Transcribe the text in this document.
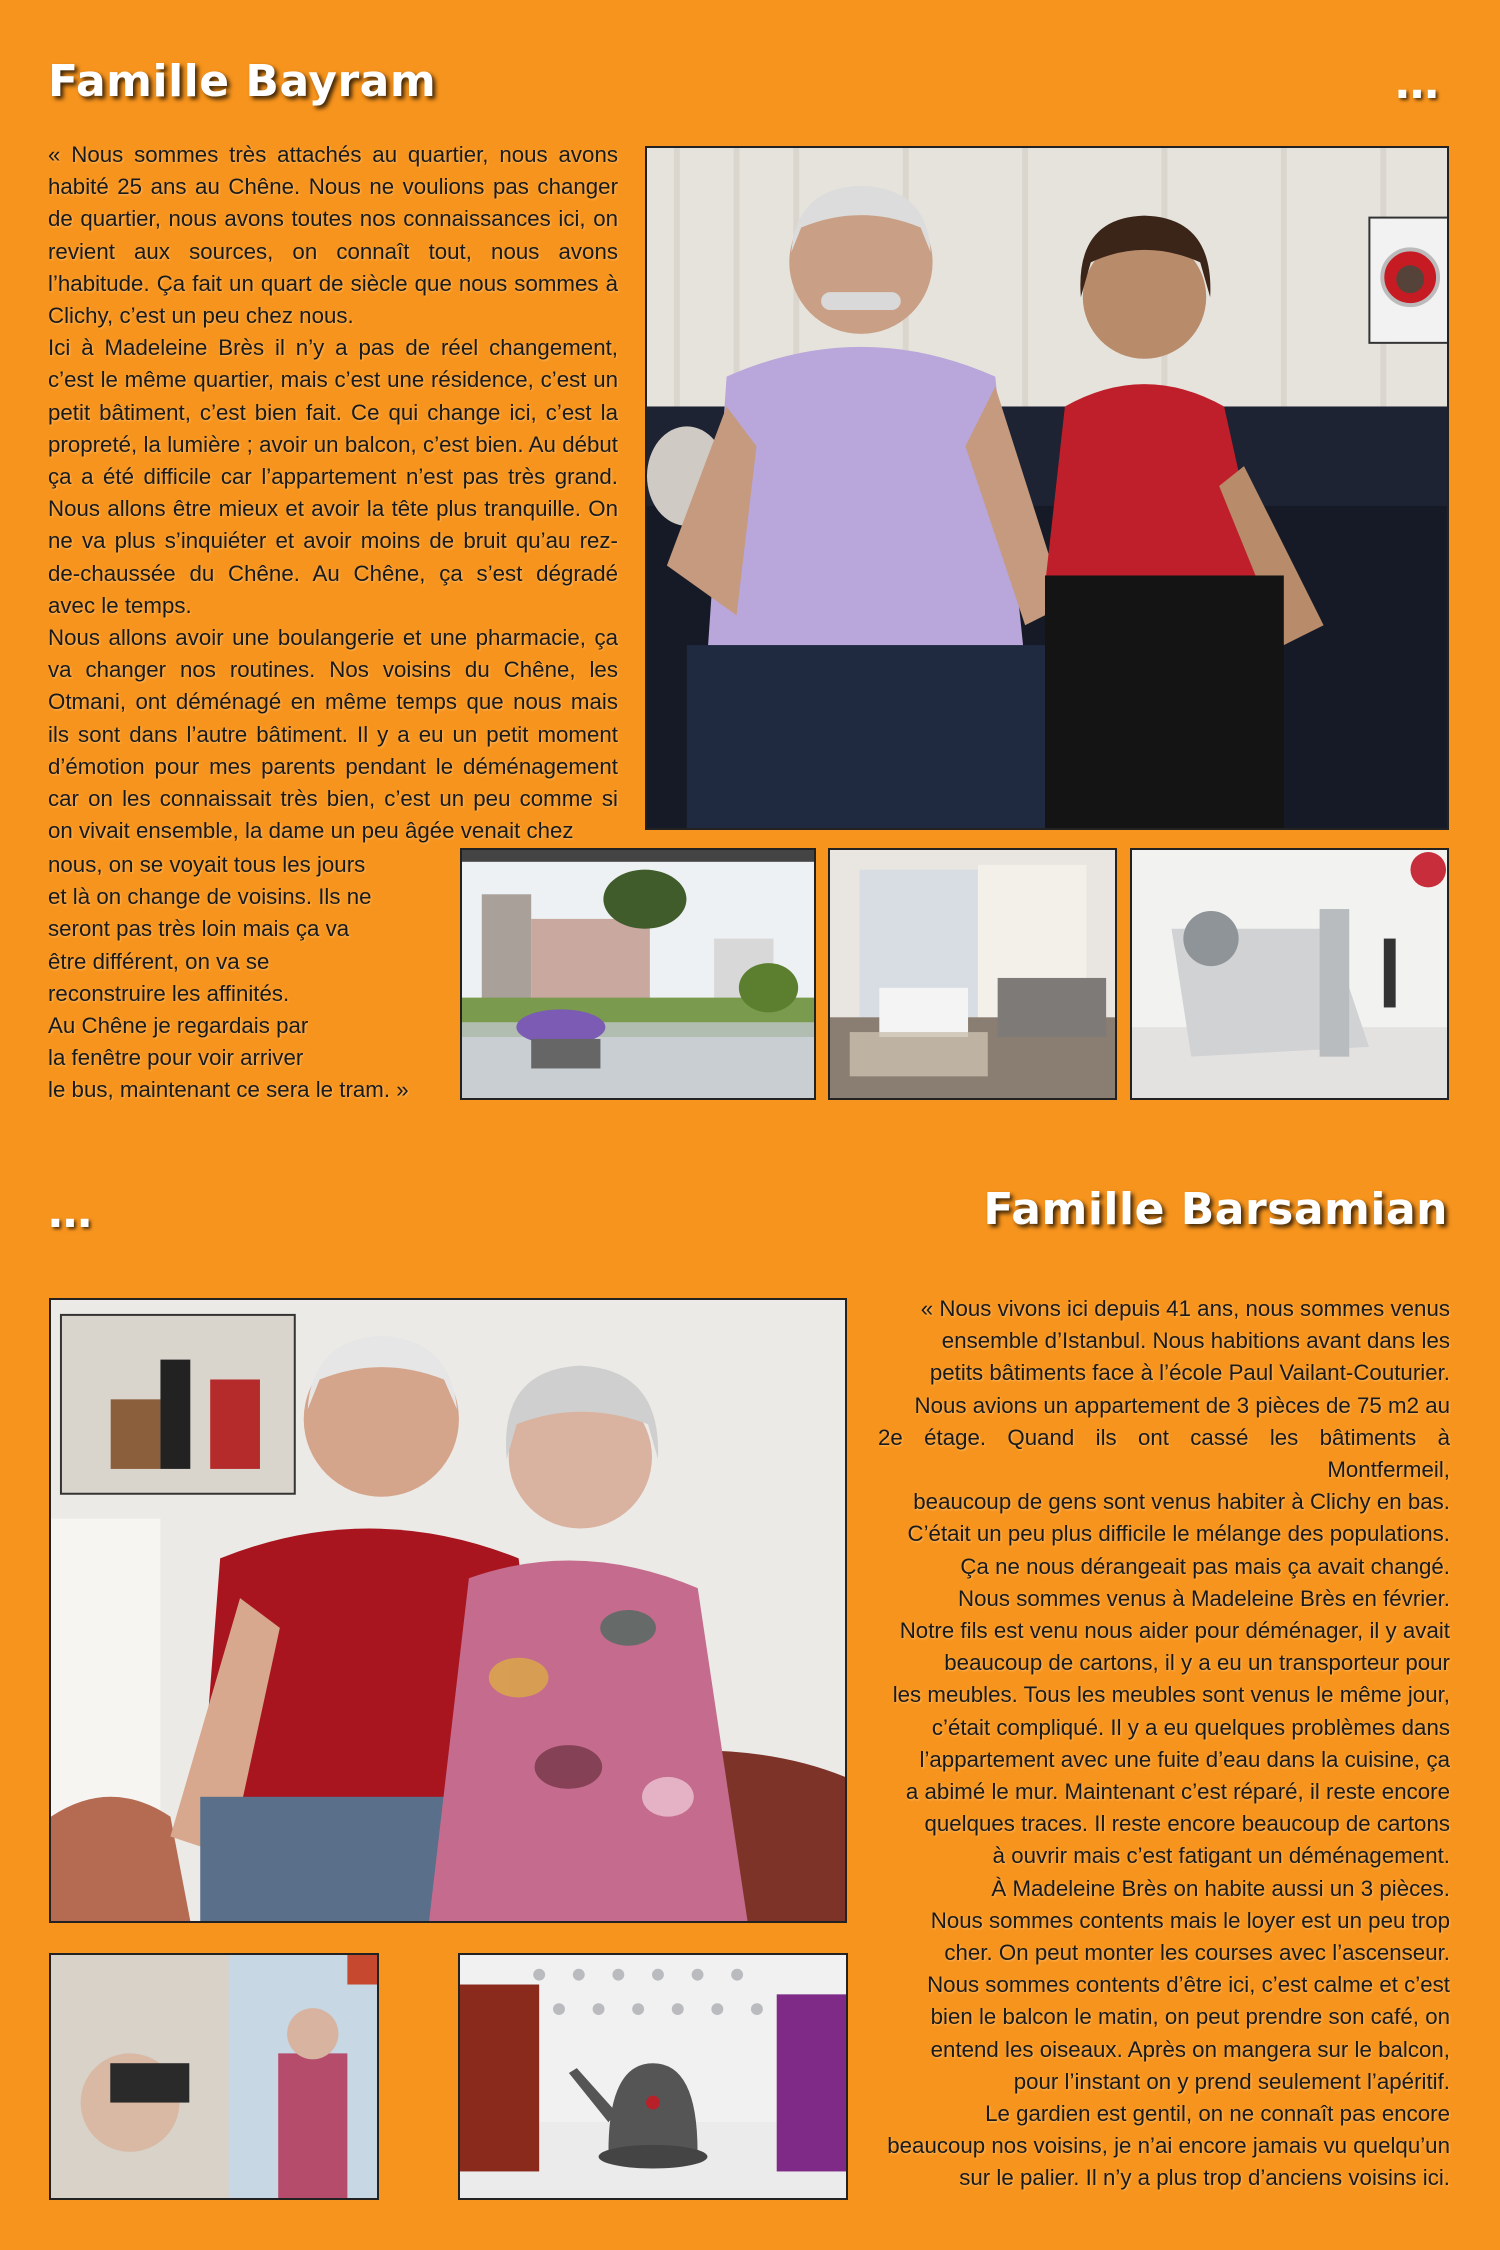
Famille Bayram	…

« Nous sommes très attachés au quartier, nous avons habité 25 ans au Chêne. Nous ne voulions pas changer de quartier, nous avons toutes nos connaissances ici, on revient aux sources, on connaît tout, nous avons l’habitude. Ça fait un quart de siècle que nous sommes à Clichy, c’est un peu chez nous.

Ici à Madeleine Brès il n’y a pas de réel changement, c’est le même quartier, mais c’est une résidence, c’est un petit bâtiment, c’est bien fait. Ce qui change ici, c’est la propreté, la lumière ; avoir un balcon, c’est bien. Au début ça a été difficile car l’appartement n’est pas très grand. Nous allons être mieux et avoir la tête plus tranquille. On ne va plus s’inquiéter et avoir moins de bruit qu’au rez-de-chaussée du Chêne. Au Chêne, ça s’est dégradé avec le temps.

Nous allons avoir une boulangerie et une pharmacie, ça va changer nos routines. Nos voisins du Chêne, les Otmani, ont déménagé en même temps que nous mais ils sont dans l’autre bâtiment. Il y a eu un petit moment d’émotion pour mes parents pendant le déménagement car on les connaissait très bien, c’est un peu comme si on vivait ensemble, la dame un peu âgée venait chez

nous, on se voyait tous les jours
et là on change de voisins. Ils ne
seront pas très loin mais ça va
être différent, on va se
reconstruire les affinités.
Au Chêne je regardais par
la fenêtre pour voir arriver
le bus, maintenant ce sera le tram. »
…	Famille Barsamian
« Nous vivons ici depuis 41 ans, nous sommes venus
ensemble d’Istanbul. Nous habitions avant dans les
petits bâtiments face à l’école Paul Vailant-Couturier.
Nous avions un appartement de 3 pièces de 75 m2 au
2e étage. Quand ils ont cassé les bâtiments à Montfermeil,
beaucoup de gens sont venus habiter à Clichy en bas.
C’était un peu plus difficile le mélange des populations.
Ça ne nous dérangeait pas mais ça avait changé.
Nous sommes venus à Madeleine Brès en février.
Notre fils est venu nous aider pour déménager, il y avait
beaucoup de cartons, il y a eu un transporteur pour
les meubles. Tous les meubles sont venus le même jour,
c’était compliqué. Il y a eu quelques problèmes dans
l’appartement avec une fuite d’eau dans la cuisine, ça
a abimé le mur. Maintenant c’est réparé, il reste encore
quelques traces. Il reste encore beaucoup de cartons
à ouvrir mais c’est fatigant un déménagement.
À Madeleine Brès on habite aussi un 3 pièces.
Nous sommes contents mais le loyer est un peu trop
cher. On peut monter les courses avec l’ascenseur.
Nous sommes contents d’être ici, c’est calme et c’est
bien le balcon le matin, on peut prendre son café, on
entend les oiseaux. Après on mangera sur le balcon,
pour l’instant on y prend seulement l’apéritif.
Le gardien est gentil, on ne connaît pas encore
beaucoup nos voisins, je n’ai encore jamais vu quelqu’un
sur le palier. Il n’y a plus trop d’anciens voisins ici.
